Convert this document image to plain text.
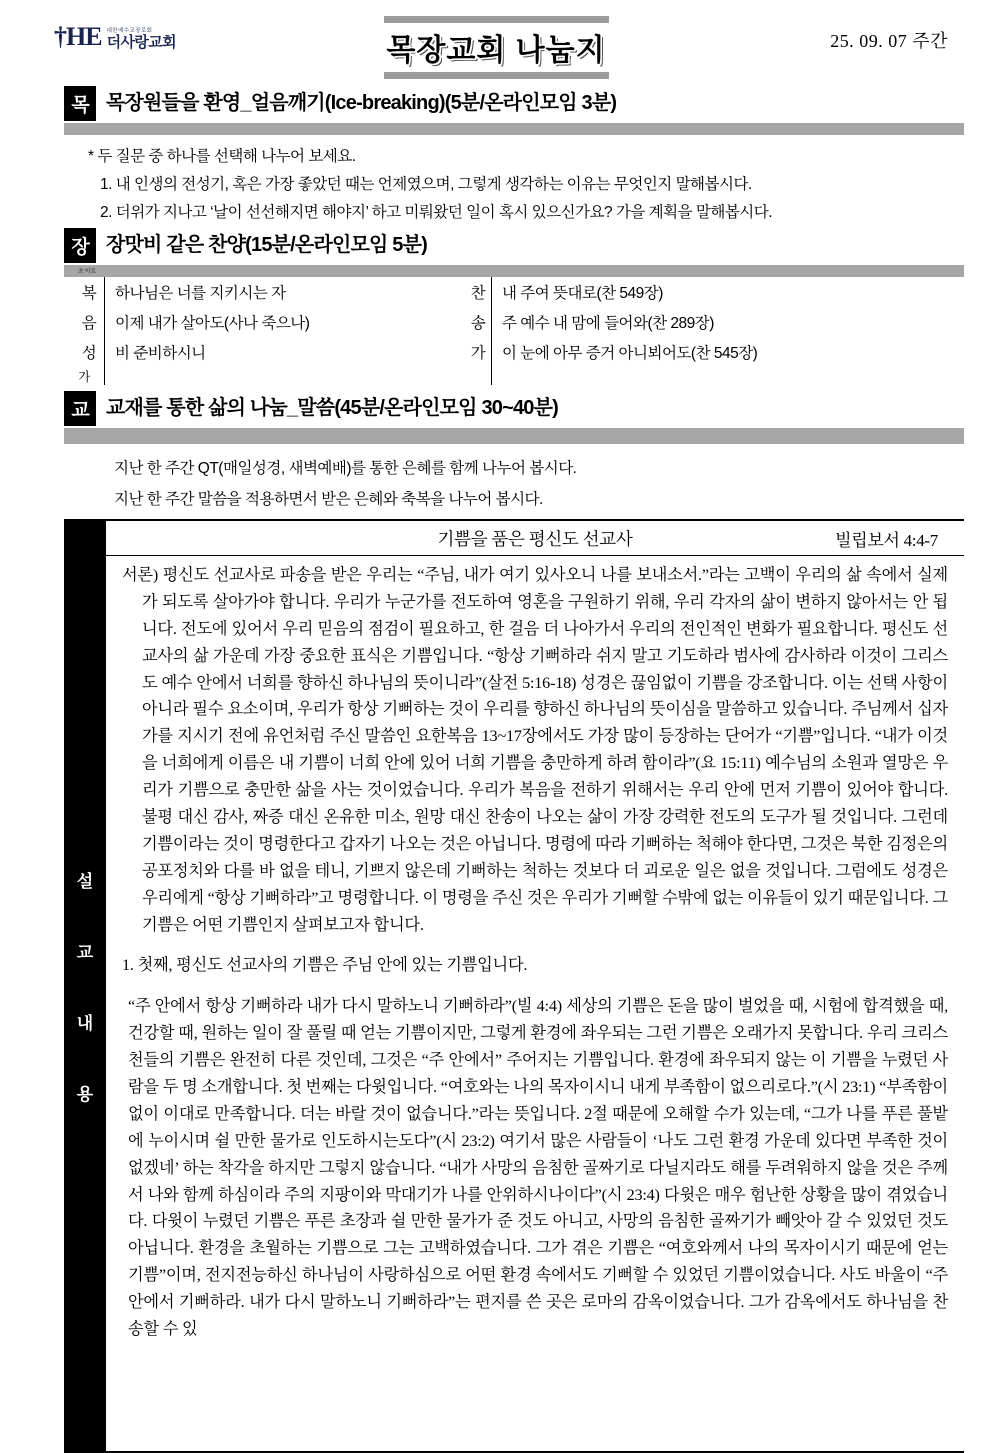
†HE 대한예수교장로회
더사랑교회	목장교회 나눔지	25. 09. 07 주간
목 목장원들을 환영_얼음깨기(Ice-breaking)(5분/온라인모임 3분)
* 두 질문 중 하나를 선택해 나누어 보세요.
1. 내 인생의 전성기, 혹은 가장 좋았던 때는 언제였으며, 그렇게 생각하는 이유는 무엇인지 말해봅시다.
2. 더위가 지나고 ‘날이 선선해지면 해야지’ 하고 미뤄왔던 일이 혹시 있으신가요? 가을 계획을 말해봅시다.
장 장맛비 같은 찬양(15분/온라인모임 5분)
초 아요
복	하나님은 너를 지키시는 자	찬	내 주여 뜻대로(찬 549장)
음	이제 내가 살아도(사나 죽으나)	송	주 예수 내 맘에 들어와(찬 289장)
성	비 준비하시니	가	이 눈에 아무 증거 아니뵈어도(찬 545장)
가			
교 교재를 통한 삶의 나눔_말씀(45분/온라인모임 30~40분)

지난 한 주간 QT(매일성경, 새벽예배)를 통한 은혜를 함께 나누어 봅시다.

지난 한 주간 말씀을 적용하면서 받은 은혜와 축복을 나누어 봅시다.

설
교
내
용
기쁨을 품은 평신도 선교사	빌립보서 4:4-7

서론) 평신도 선교사로 파송을 받은 우리는 “주님, 내가 여기 있사오니 나를 보내소서.”라는 고백이 우리의 삶 속에서 실제가 되도록 살아가야 합니다. 우리가 누군가를 전도하여 영혼을 구원하기 위해, 우리 각자의 삶이 변하지 않아서는 안 됩니다. 전도에 있어서 우리 믿음의 점검이 필요하고, 한 걸음 더 나아가서 우리의 전인적인 변화가 필요합니다. 평신도 선교사의 삶 가운데 가장 중요한 표식은 기쁨입니다. “항상 기뻐하라 쉬지 말고 기도하라 범사에 감사하라 이것이 그리스도 예수 안에서 너희를 향하신 하나님의 뜻이니라”(살전 5:16-18) 성경은 끊임없이 기쁨을 강조합니다. 이는 선택 사항이 아니라 필수 요소이며, 우리가 항상 기뻐하는 것이 우리를 향하신 하나님의 뜻이심을 말씀하고 있습니다. 주님께서 십자가를 지시기 전에 유언처럼 주신 말씀인 요한복음 13~17장에서도 가장 많이 등장하는 단어가 “기쁨”입니다. “내가 이것을 너희에게 이름은 내 기쁨이 너희 안에 있어 너희 기쁨을 충만하게 하려 함이라”(요 15:11) 예수님의 소원과 열망은 우리가 기쁨으로 충만한 삶을 사는 것이었습니다. 우리가 복음을 전하기 위해서는 우리 안에 먼저 기쁨이 있어야 합니다. 불평 대신 감사, 짜증 대신 온유한 미소, 원망 대신 찬송이 나오는 삶이 가장 강력한 전도의 도구가 될 것입니다. 그런데 기쁨이라는 것이 명령한다고 갑자기 나오는 것은 아닙니다. 명령에 따라 기뻐하는 척해야 한다면, 그것은 북한 김정은의 공포정치와 다를 바 없을 테니, 기쁘지 않은데 기뻐하는 척하는 것보다 더 괴로운 일은 없을 것입니다. 그럼에도 성경은 우리에게 “항상 기뻐하라”고 명령합니다. 이 명령을 주신 것은 우리가 기뻐할 수밖에 없는 이유들이 있기 때문입니다. 그 기쁨은 어떤 기쁨인지 살펴보고자 합니다.

1. 첫째, 평신도 선교사의 기쁨은 주님 안에 있는 기쁨입니다.

“주 안에서 항상 기뻐하라 내가 다시 말하노니 기뻐하라”(빌 4:4) 세상의 기쁨은 돈을 많이 벌었을 때, 시험에 합격했을 때, 건강할 때, 원하는 일이 잘 풀릴 때 얻는 기쁨이지만, 그렇게 환경에 좌우되는 그런 기쁨은 오래가지 못합니다. 우리 크리스천들의 기쁨은 완전히 다른 것인데, 그것은 “주 안에서” 주어지는 기쁨입니다. 환경에 좌우되지 않는 이 기쁨을 누렸던 사람을 두 명 소개합니다. 첫 번째는 다윗입니다. “여호와는 나의 목자이시니 내게 부족함이 없으리로다.”(시 23:1) “부족함이 없이 이대로 만족합니다. 더는 바랄 것이 없습니다.”라는 뜻입니다. 2절 때문에 오해할 수가 있는데, “그가 나를 푸른 풀밭에 누이시며 쉴 만한 물가로 인도하시는도다”(시 23:2) 여기서 많은 사람들이 ‘나도 그런 환경 가운데 있다면 부족한 것이 없겠네’ 하는 착각을 하지만 그렇지 않습니다. “내가 사망의 음침한 골짜기로 다닐지라도 해를 두려워하지 않을 것은 주께서 나와 함께 하심이라 주의 지팡이와 막대기가 나를 안위하시나이다”(시 23:4) 다윗은 매우 험난한 상황을 많이 겪었습니다. 다윗이 누렸던 기쁨은 푸른 초장과 쉴 만한 물가가 준 것도 아니고, 사망의 음침한 골짜기가 빼앗아 갈 수 있었던 것도 아닙니다. 환경을 초월하는 기쁨으로 그는 고백하였습니다. 그가 겪은 기쁨은 “여호와께서 나의 목자이시기 때문에 얻는 기쁨”이며, 전지전능하신 하나님이 사랑하심으로 어떤 환경 속에서도 기뻐할 수 있었던 기쁨이었습니다. 사도 바울이 “주 안에서 기뻐하라. 내가 다시 말하노니 기뻐하라”는 편지를 쓴 곳은 로마의 감옥이었습니다. 그가 감옥에서도 하나님을 찬송할 수 있
